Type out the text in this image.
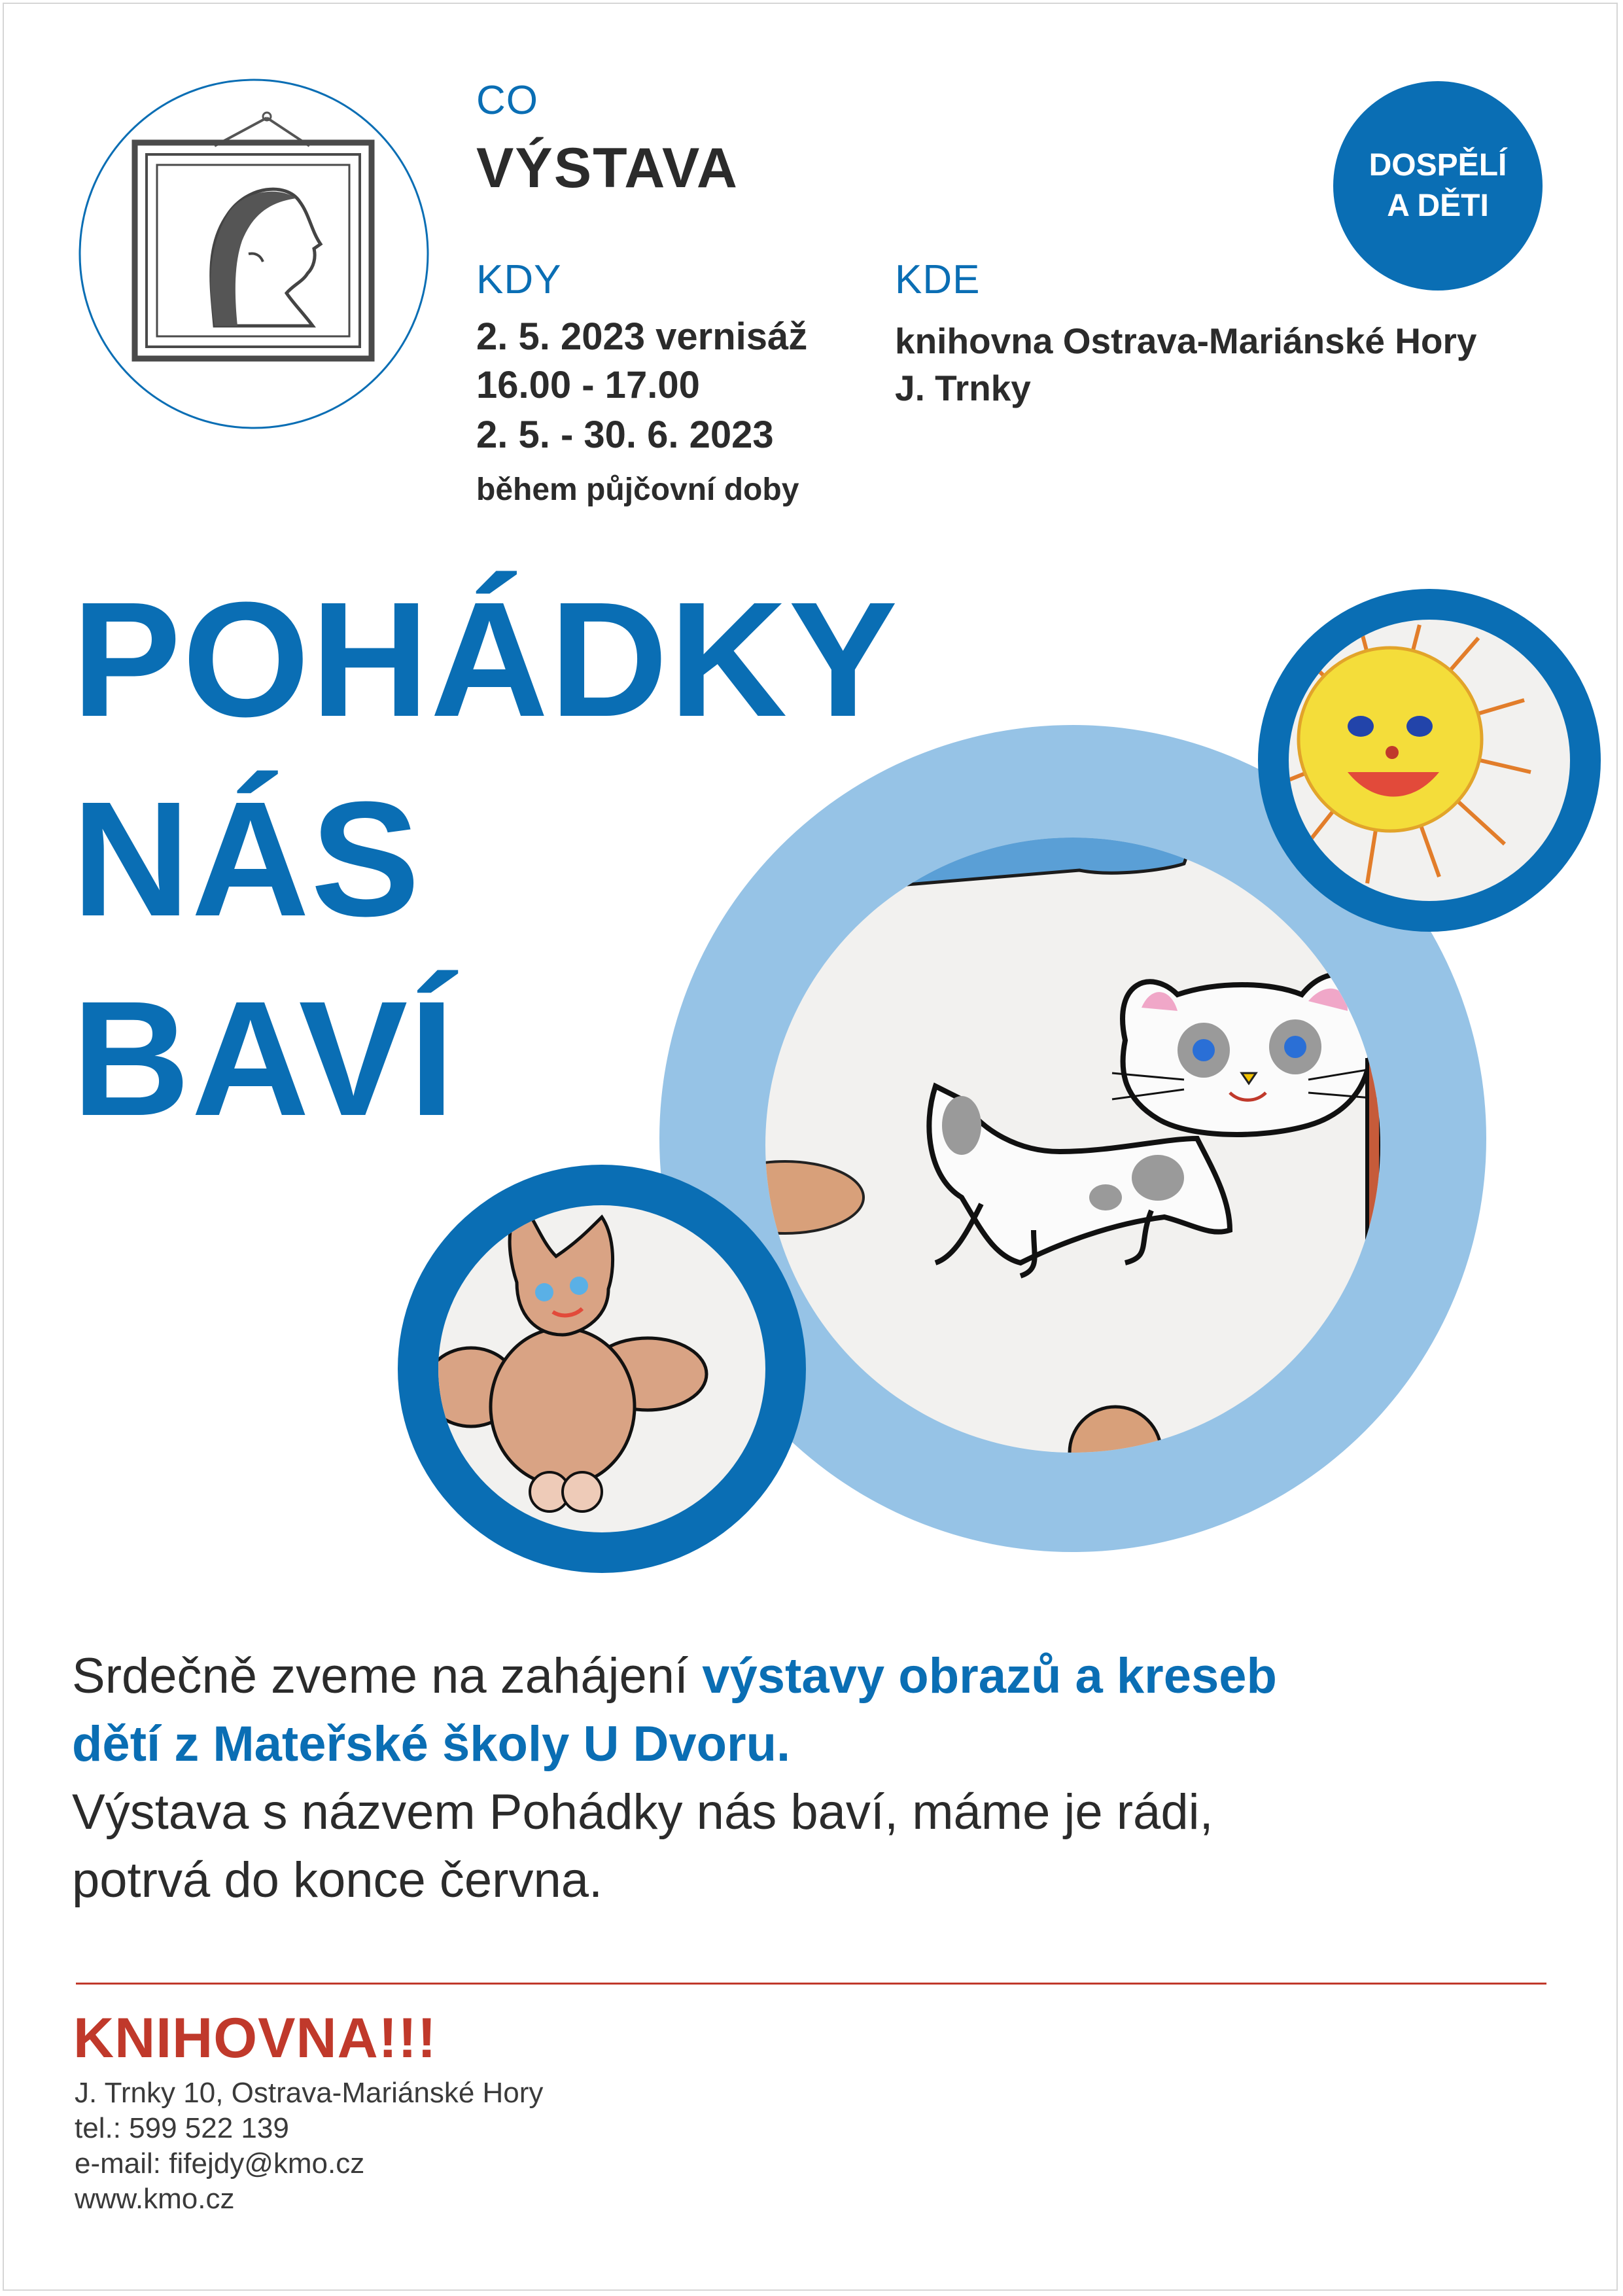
CO
VÝSTAVA
KDY
2. 5. 2023 vernisáž
16.00 - 17.00
2. 5. - 30. 6. 2023
během půjčovní doby
KDE
knihovna Ostrava-Mariánské Hory
J. Trnky
DOSPĚLÍ
A DĚTI
POHÁDKY
NÁS
BAVÍ
Srdečně zveme na zahájení výstavy obrazů a kreseb
dětí z Mateřské školy U Dvoru.
Výstava s názvem Pohádky nás baví, máme je rádi,
potrvá do konce června.
KNIHOVNA!!!
J. Trnky 10, Ostrava-Mariánské Hory
tel.: 599 522 139
e-mail: fifejdy@kmo.cz
www.kmo.cz
